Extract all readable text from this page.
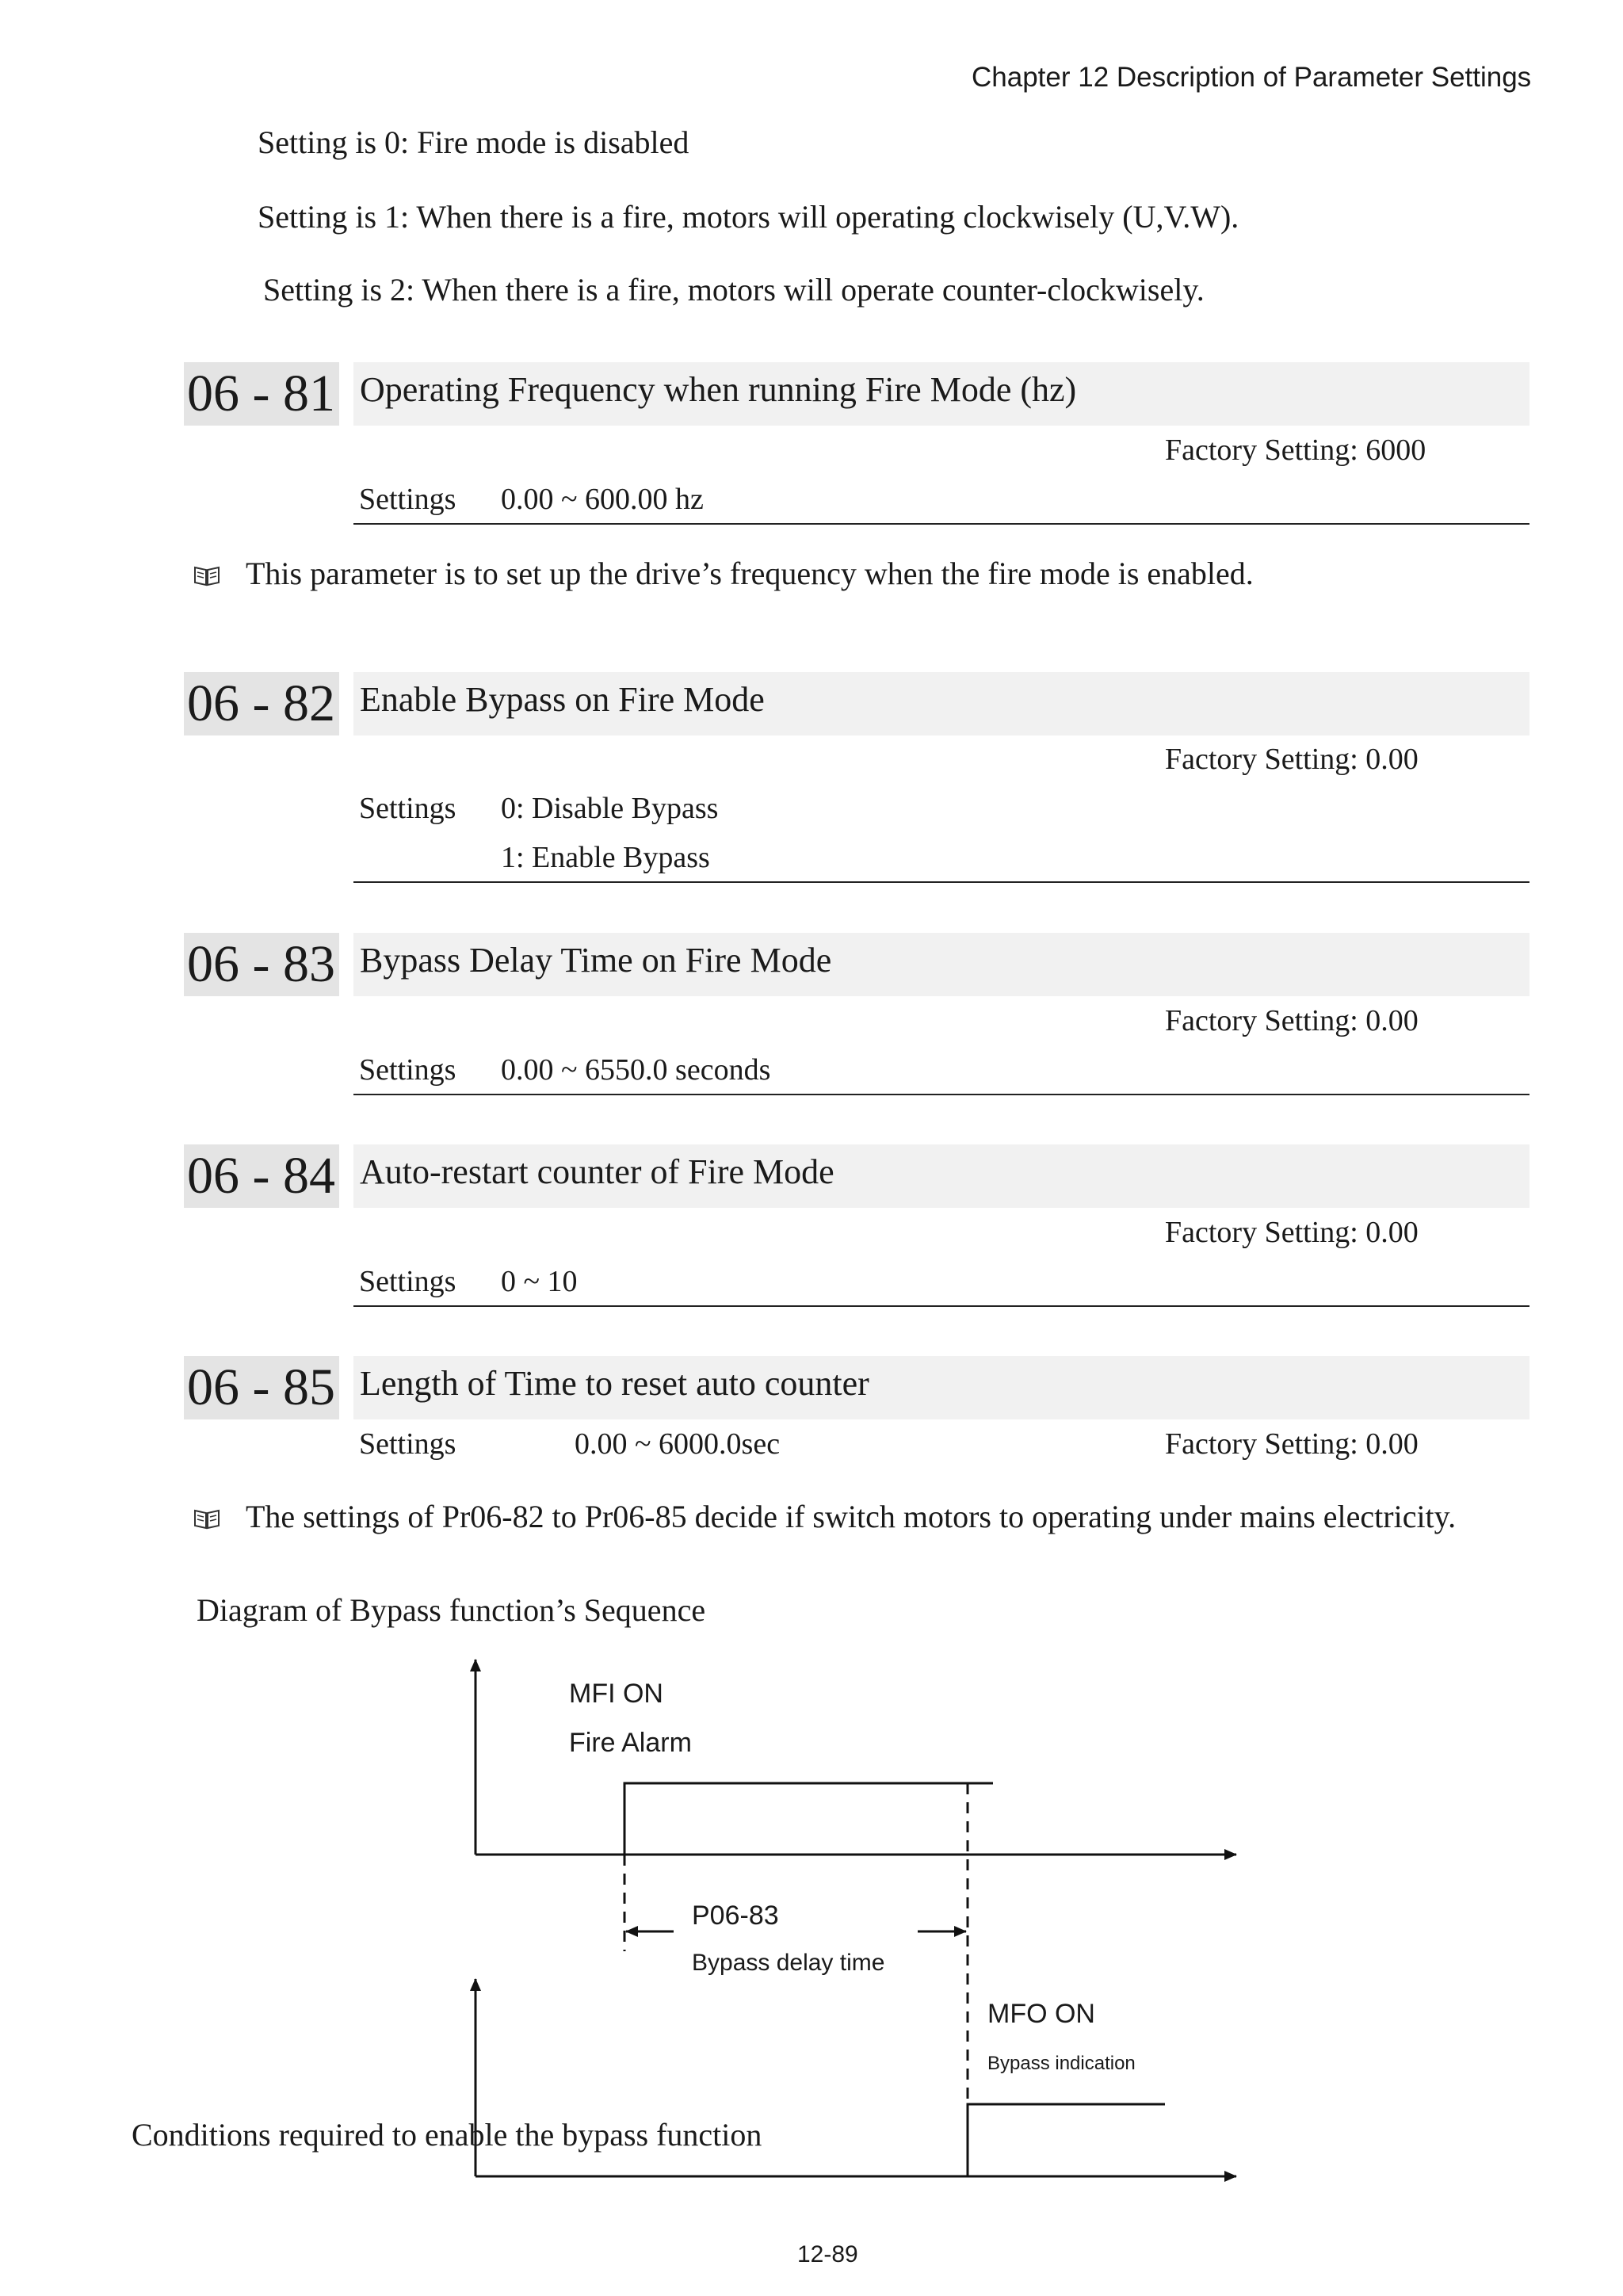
Chapter 12 Description of Parameter Settings
Setting is 0: Fire mode is disabled
Setting is 1: When there is a fire, motors will operating clockwisely (U,V.W).
Setting is 2: When there is a fire, motors will operate counter-clockwisely.
06 - 81 Operating Frequency when running Fire Mode (hz)
Factory Setting: 6000
Settings 0.00 ~ 600.00 hz
This parameter is to set up the drive’s frequency when the fire mode is enabled.
06 - 82 Enable Bypass on Fire Mode
Factory Setting: 0.00
Settings 0: Disable Bypass
1: Enable Bypass
06 - 83 Bypass Delay Time on Fire Mode
Factory Setting: 0.00
Settings 0.00 ~ 6550.0 seconds
06 - 84 Auto-restart counter of Fire Mode
Factory Setting: 0.00
Settings 0 ~ 10
06 - 85 Length of Time to reset auto counter
Settings	0.00 ~ 6000.0sec	Factory Setting: 0.00
The settings of Pr06-82 to Pr06-85 decide if switch motors to operating under mains electricity.
Diagram of Bypass function’s Sequence
MFI ON
Fire Alarm
P06-83
Bypass delay time
MFO ON
Bypass indication
Conditions required to enable the bypass function
12-89
